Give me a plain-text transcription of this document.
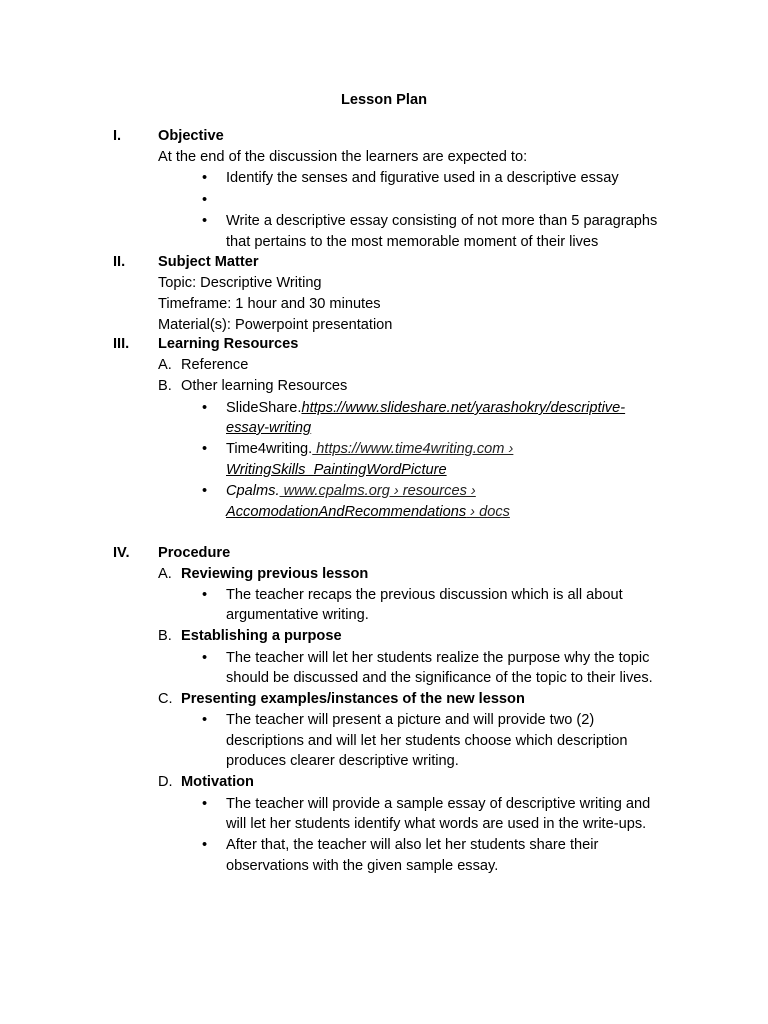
Lesson Plan
I.	Objective
At the end of the discussion the learners are expected to:
• Identify the senses and figurative used in a descriptive essay
•
• Write a descriptive essay consisting of not more than 5 paragraphs
that pertains to the most memorable moment of their lives
II. Subject Matter
Topic: Descriptive Writing
Timeframe: 1 hour and 30 minutes
Material(s): Powerpoint presentation
III. Learning Resources
A. Reference
B. Other learning Resources
• SlideShare.https://www.slideshare.net/yarashokry/descriptive-
essay-writing
• Time4writing. https://www.time4writing.com ›
WritingSkills_PaintingWordPicture
• Cpalms. www.cpalms.org › resources ›
AccomodationAndRecommendations › docs
IV. Procedure
A. Reviewing previous lesson
• The teacher recaps the previous discussion which is all about
argumentative writing.
B. Establishing a purpose
• The teacher will let her students realize the purpose why the topic
should be discussed and the significance of the topic to their lives.
C. Presenting examples/instances of the new lesson
• The teacher will present a picture and will provide two (2)
descriptions and will let her students choose which description
produces clearer descriptive writing.
D. Motivation
• The teacher will provide a sample essay of descriptive writing and
will let her students identify what words are used in the write-ups.
• After that, the teacher will also let her students share their
observations with the given sample essay.
